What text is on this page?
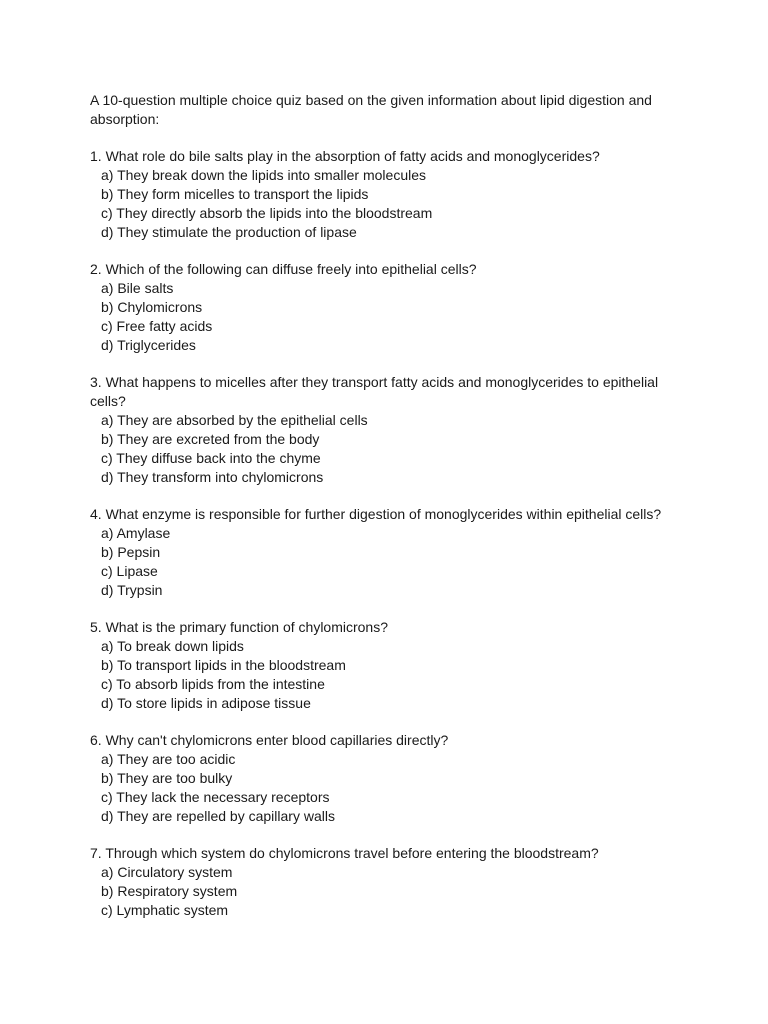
A 10-question multiple choice quiz based on the given information about lipid digestion and absorption:

1. What role do bile salts play in the absorption of fatty acids and monoglycerides?

a) They break down the lipids into smaller molecules
b) They form micelles to transport the lipids
c) They directly absorb the lipids into the bloodstream
d) They stimulate the production of lipase

2. Which of the following can diffuse freely into epithelial cells?

a) Bile salts
b) Chylomicrons
c) Free fatty acids
d) Triglycerides

3. What happens to micelles after they transport fatty acids and monoglycerides to epithelial cells?

a) They are absorbed by the epithelial cells
b) They are excreted from the body
c) They diffuse back into the chyme
d) They transform into chylomicrons

4. What enzyme is responsible for further digestion of monoglycerides within epithelial cells?

a) Amylase
b) Pepsin
c) Lipase
d) Trypsin

5. What is the primary function of chylomicrons?

a) To break down lipids
b) To transport lipids in the bloodstream
c) To absorb lipids from the intestine
d) To store lipids in adipose tissue

6. Why can't chylomicrons enter blood capillaries directly?

a) They are too acidic
b) They are too bulky
c) They lack the necessary receptors
d) They are repelled by capillary walls

7. Through which system do chylomicrons travel before entering the bloodstream?

a) Circulatory system
b) Respiratory system
c) Lymphatic system
